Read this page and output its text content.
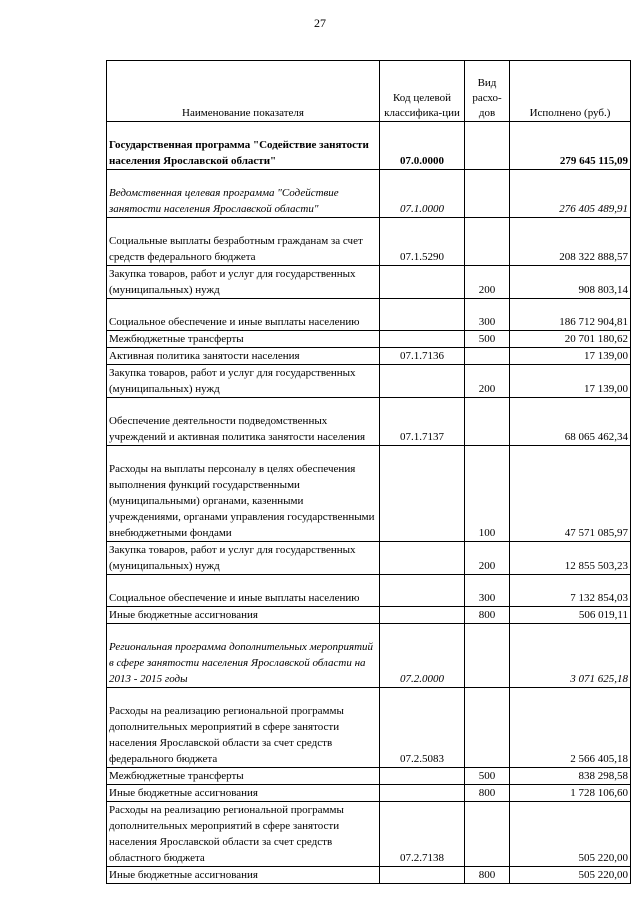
27
Наименование показателя	Код целевой классифика-ции	Вид расхо-дов	Исполнено (руб.)
Государственная программа "Содействие занятости населения Ярославской области"	07.0.0000		279 645 115,09
Ведомственная целевая программа "Содействие занятости населения Ярославской области"	07.1.0000		276 405 489,91
Социальные выплаты безработным гражданам за счет средств федерального бюджета	07.1.5290		208 322 888,57
Закупка товаров, работ и услуг для государственных (муниципальных) нужд		200	908 803,14
Социальное обеспечение и иные выплаты населению		300	186 712 904,81
Межбюджетные трансферты		500	20 701 180,62
Активная политика занятости населения	07.1.7136		17 139,00
Закупка товаров, работ и услуг для государственных (муниципальных) нужд		200	17 139,00
Обеспечение деятельности подведомственных учреждений и активная политика занятости населения	07.1.7137		68 065 462,34
Расходы на выплаты персоналу в целях обеспечения выполнения функций государственными (муниципальными) органами, казенными учреждениями, органами управления государственными внебюджетными фондами		100	47 571 085,97
Закупка товаров, работ и услуг для государственных (муниципальных) нужд		200	12 855 503,23
Социальное обеспечение и иные выплаты населению		300	7 132 854,03
Иные бюджетные ассигнования		800	506 019,11
Региональная программа дополнительных мероприятий в сфере занятости населения Ярославской области на 2013 - 2015 годы	07.2.0000		3 071 625,18
Расходы на реализацию региональной программы дополнительных мероприятий в сфере занятости населения Ярославской области за счет средств федерального бюджета	07.2.5083		2 566 405,18
Межбюджетные трансферты		500	838 298,58
Иные бюджетные ассигнования		800	1 728 106,60
Расходы на реализацию региональной программы дополнительных мероприятий в сфере занятости населения Ярославской области за счет средств областного бюджета	07.2.7138		505 220,00
Иные бюджетные ассигнования		800	505 220,00
